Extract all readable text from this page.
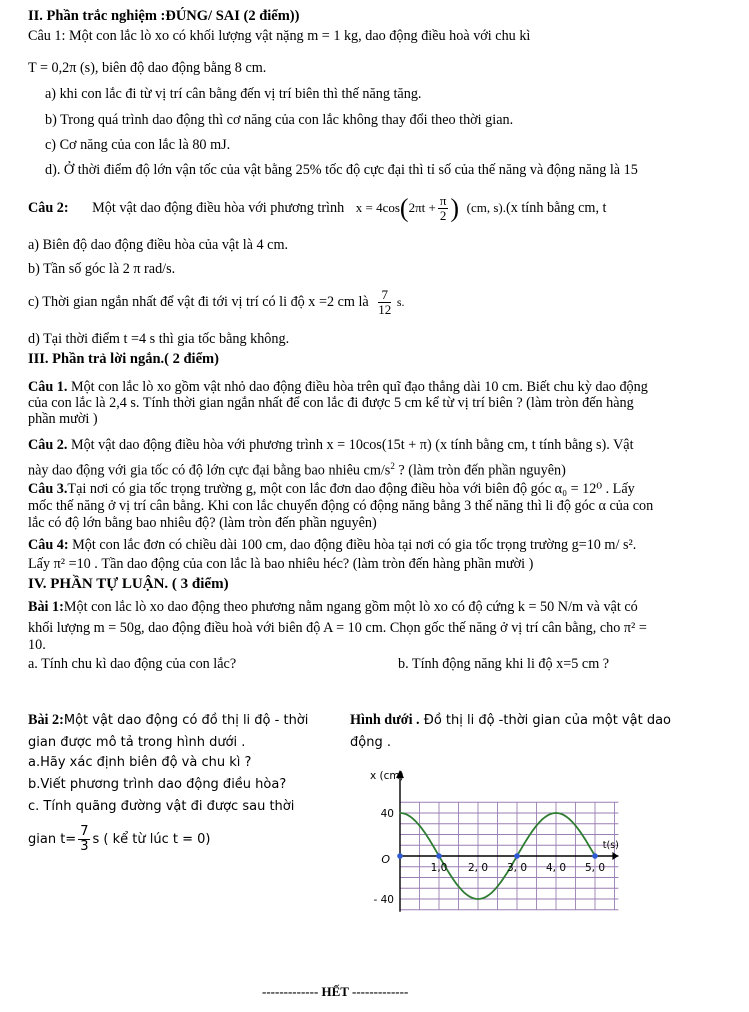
II. Phần trắc nghiệm :ĐÚNG/ SAI (2 điểm))
Câu 1: Một con lắc lò xo có khối lượng vật nặng m = 1 kg, dao động điều hoà với chu kì
T = 0,2π (s), biên độ dao động bằng 8 cm.
a) khi con lắc đi từ vị trí cân bằng đến vị trí biên thì thế năng tăng.
b) Trong quá trình dao động thì cơ năng của con lắc không thay đổi theo thời gian.
c) Cơ năng của con lắc là 80 mJ.
d). Ở thời điểm độ lớn vận tốc của vật bằng 25% tốc độ cực đại thì tỉ số của thế năng và động năng là 15
Câu 2: Một vật dao động điều hòa với phương trình $x = 4\cos(2\pi t + \frac{\pi}{2}$ ) (cm, s).(x tính bằng cm, t
a) Biên độ dao động điều hòa của vật là 4 cm.
b) Tần số góc là 2 π rad/s.
c) Thời gian ngắn nhất để vật đi tới vị trí có li độ x =2 cm là $\frac{7}{12} s$.
d) Tại thời điểm t =4 s thì gia tốc bằng không.
III. Phần trả lời ngắn.( 2 điểm)
Câu 1. Một con lắc lò xo gồm vật nhỏ dao động điều hòa trên quĩ đạo thẳng dài 10 cm. Biết chu kỳ dao động
của con lắc là 2,4 s. Tính thời gian ngắn nhất để con lắc đi được 5 cm kể từ vị trí biên ? (làm tròn đến hàng
phần mười )
Câu 2. Một vật dao động điều hòa với phương trình x = 10cos(15t + π) (x tính bằng cm, t tính bằng s). Vật
này dao động với gia tốc có độ lớn cực đại bằng bao nhiêu $cm/s^2$ ? (làm tròn đến phần nguyên)
Câu 3.Tại nơi có gia tốc trọng trường g, một con lắc đơn dao động điều hòa với biên độ góc α₀ = 12⁰ . Lấy
mốc thế năng ở vị trí cân bằng. Khi con lắc chuyển động có động năng bằng 3 thế năng thì li độ góc α của con
lắc có độ lớn bằng bao nhiêu độ? (làm tròn đến phần nguyên)
Câu 4: Một con lắc đơn có chiều dài 100 cm, dao động điều hòa tại nơi có gia tốc trọng trường g=10 m/ s².
Lấy π² =10 . Tần dao động của con lắc là bao nhiêu héc? (làm tròn đến hàng phần mười )
IV. PHẦN TỰ LUẬN. ( 3 điểm)
Bài 1:Một con lắc lò xo dao động theo phương nằm ngang gồm một lò xo có độ cứng k = 50 N/m và vật có
khối lượng m = 50g, dao động điều hoà với biên độ A = 10 cm. Chọn gốc thế năng ở vị trí cân bằng, cho π² =
10.
a. Tính chu kì dao động của con lắc?	b. Tính động năng khi li độ x=5 cm ?
Bài 2:Một vật dao động có đồ thị li độ - thời
gian được mô tả trong hình dưới .
a.Hãy xác định biên độ và chu kì ?
b.Viết phương trình dao động điều hòa?
c. Tính quãng đường vật đi được sau thời
gian $t= \frac{7}{3}$ s ( kể từ lúc t = 0)
Hình dưới . Đồ thị li độ -thời gian của một vật dao
động .
x (cm)
t(s)
40
O
- 40
1,0 2, 0 3, 0 4, 0 5, 0
------------- HẾT -------------
